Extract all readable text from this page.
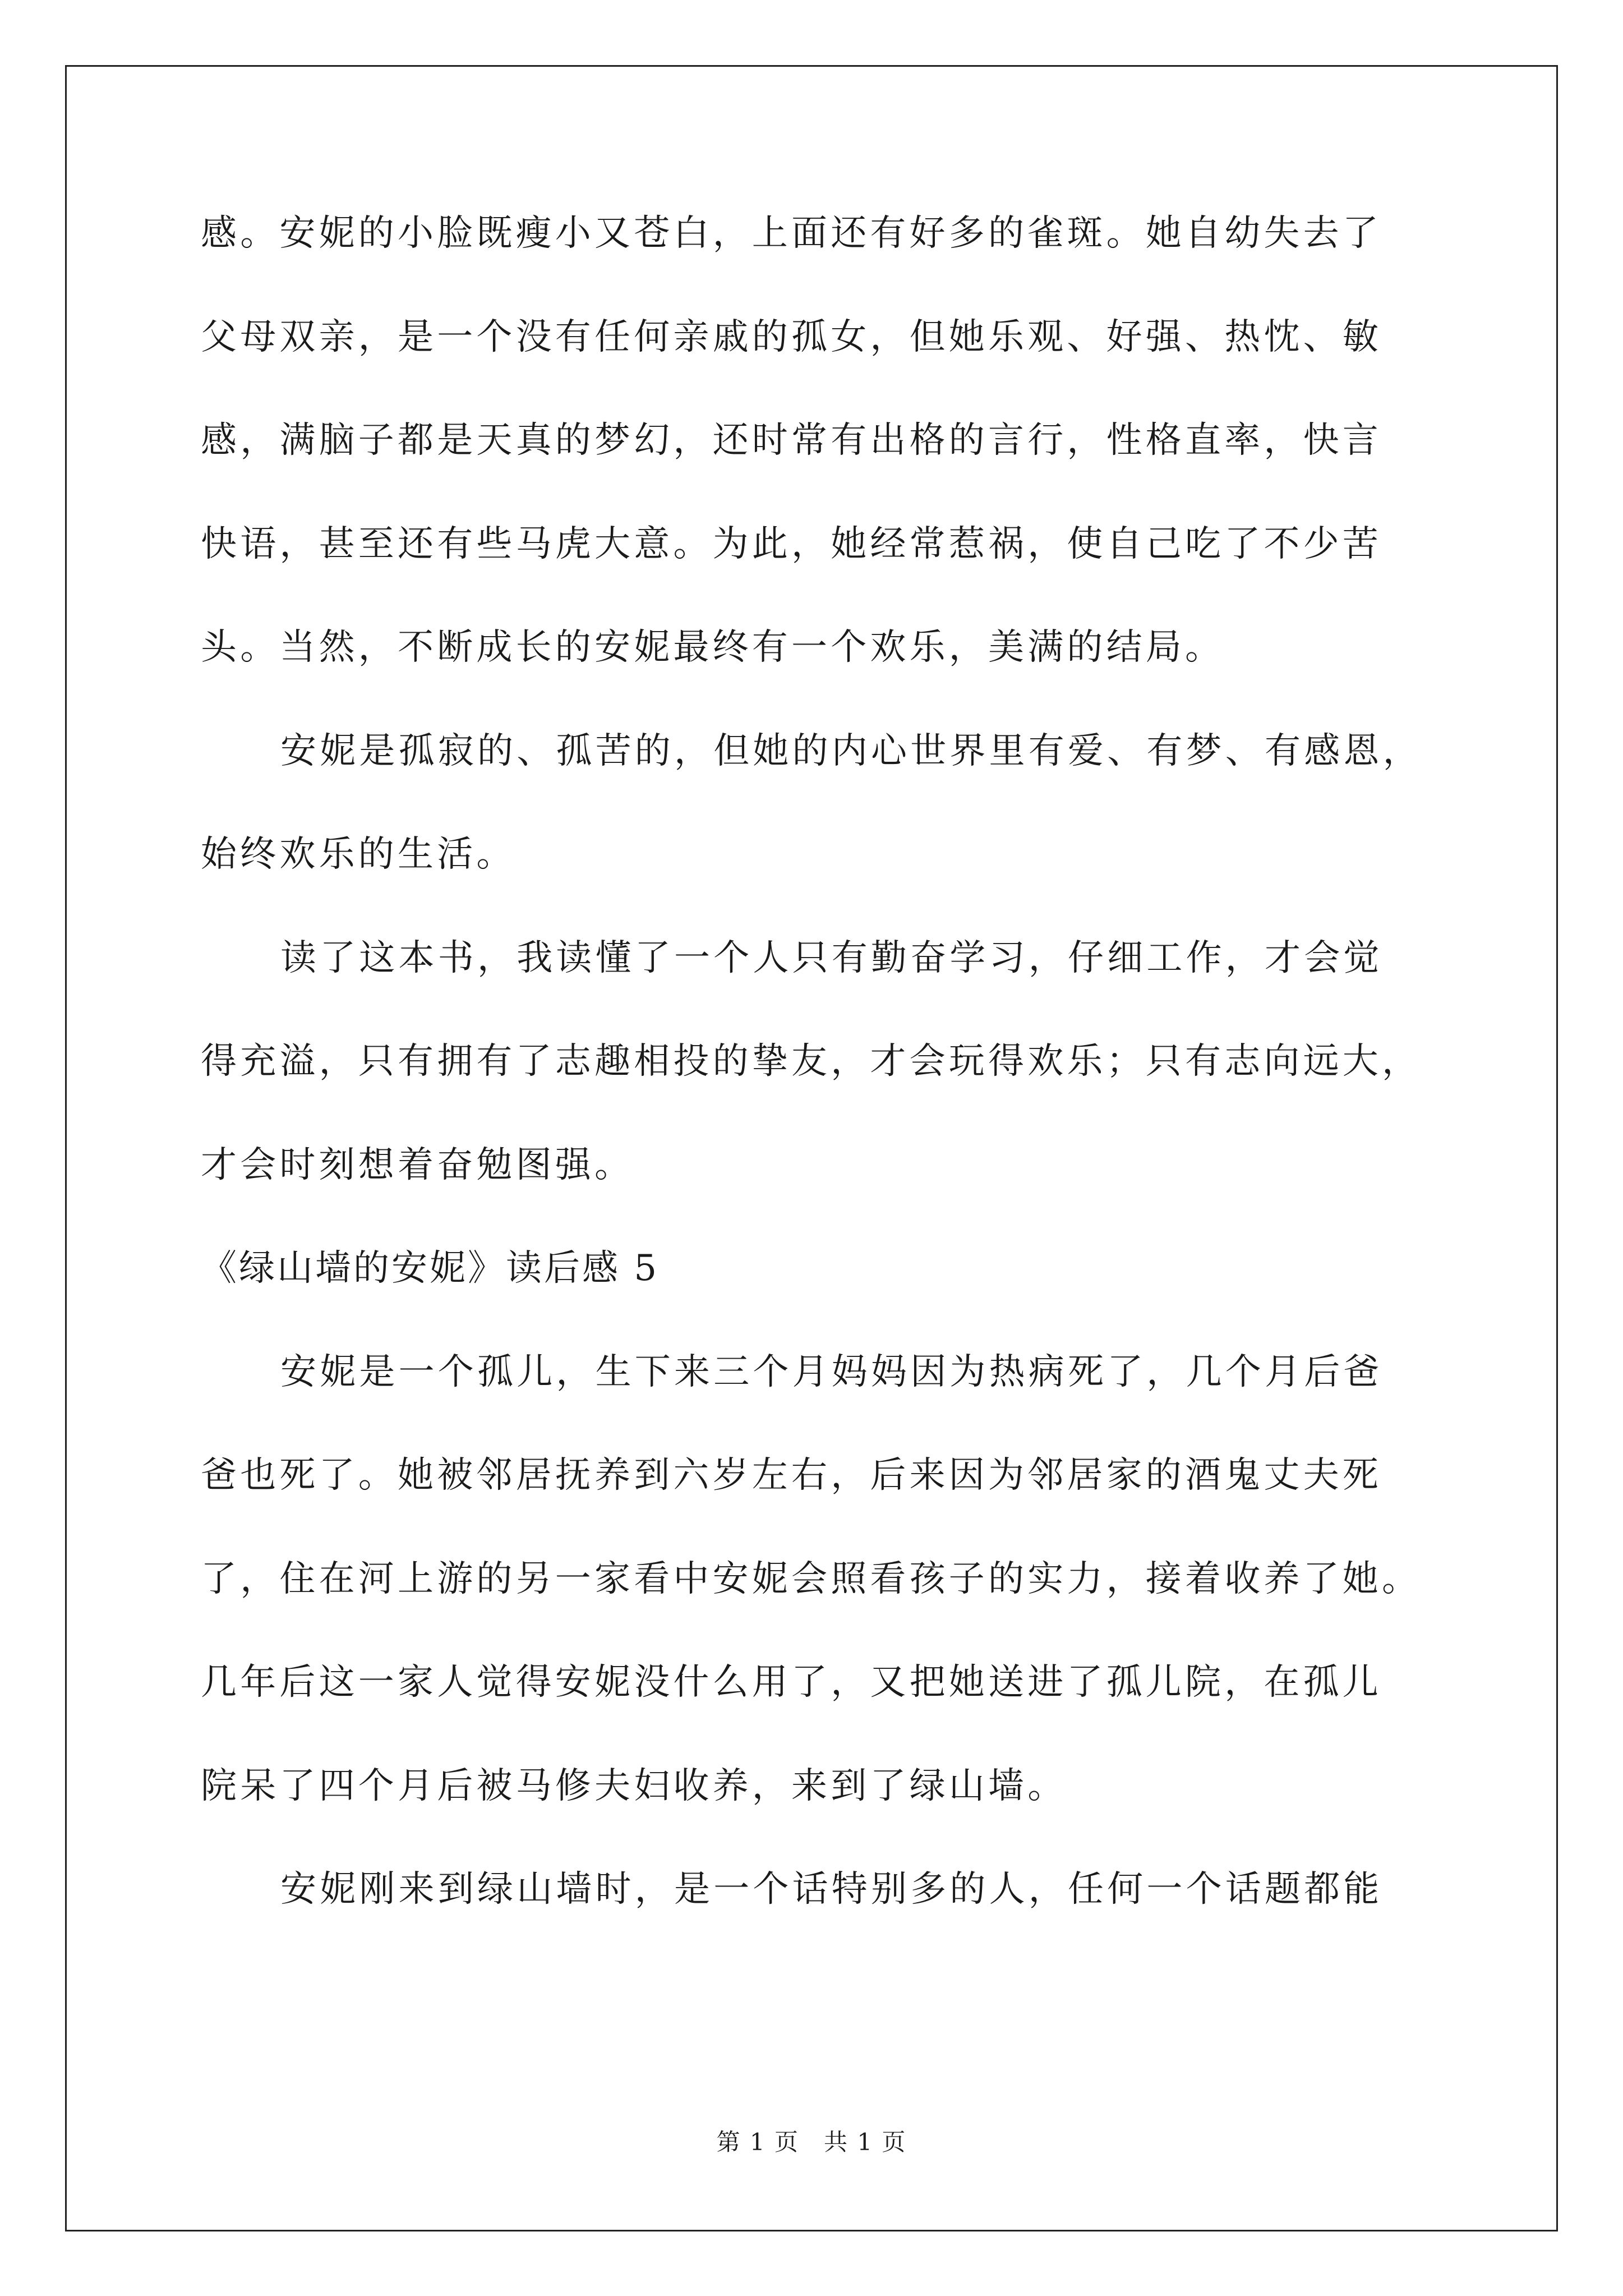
感。安妮的小脸既瘦小又苍白，上面还有好多的雀斑。她自幼失去了
父母双亲，是一个没有任何亲戚的孤女，但她乐观、好强、热忱、敏
感，满脑子都是天真的梦幻，还时常有出格的言行，性格直率，快言
快语，甚至还有些马虎大意。为此，她经常惹祸，使自己吃了不少苦
头。当然，不断成长的安妮最终有一个欢乐，美满的结局。
安妮是孤寂的、孤苦的，但她的内心世界里有爱、有梦、有感恩，
始终欢乐的生活。
读了这本书，我读懂了一个人只有勤奋学习，仔细工作，才会觉
得充溢，只有拥有了志趣相投的挚友，才会玩得欢乐；只有志向远大，
才会时刻想着奋勉图强。
《绿山墙的安妮》读后感 5
安妮是一个孤儿，生下来三个月妈妈因为热病死了，几个月后爸
爸也死了。她被邻居抚养到六岁左右，后来因为邻居家的酒鬼丈夫死
了，住在河上游的另一家看中安妮会照看孩子的实力，接着收养了她。
几年后这一家人觉得安妮没什么用了，又把她送进了孤儿院，在孤儿
院呆了四个月后被马修夫妇收养，来到了绿山墙。
安妮刚来到绿山墙时，是一个话特别多的人，任何一个话题都能
第 1 页　共 1 页
